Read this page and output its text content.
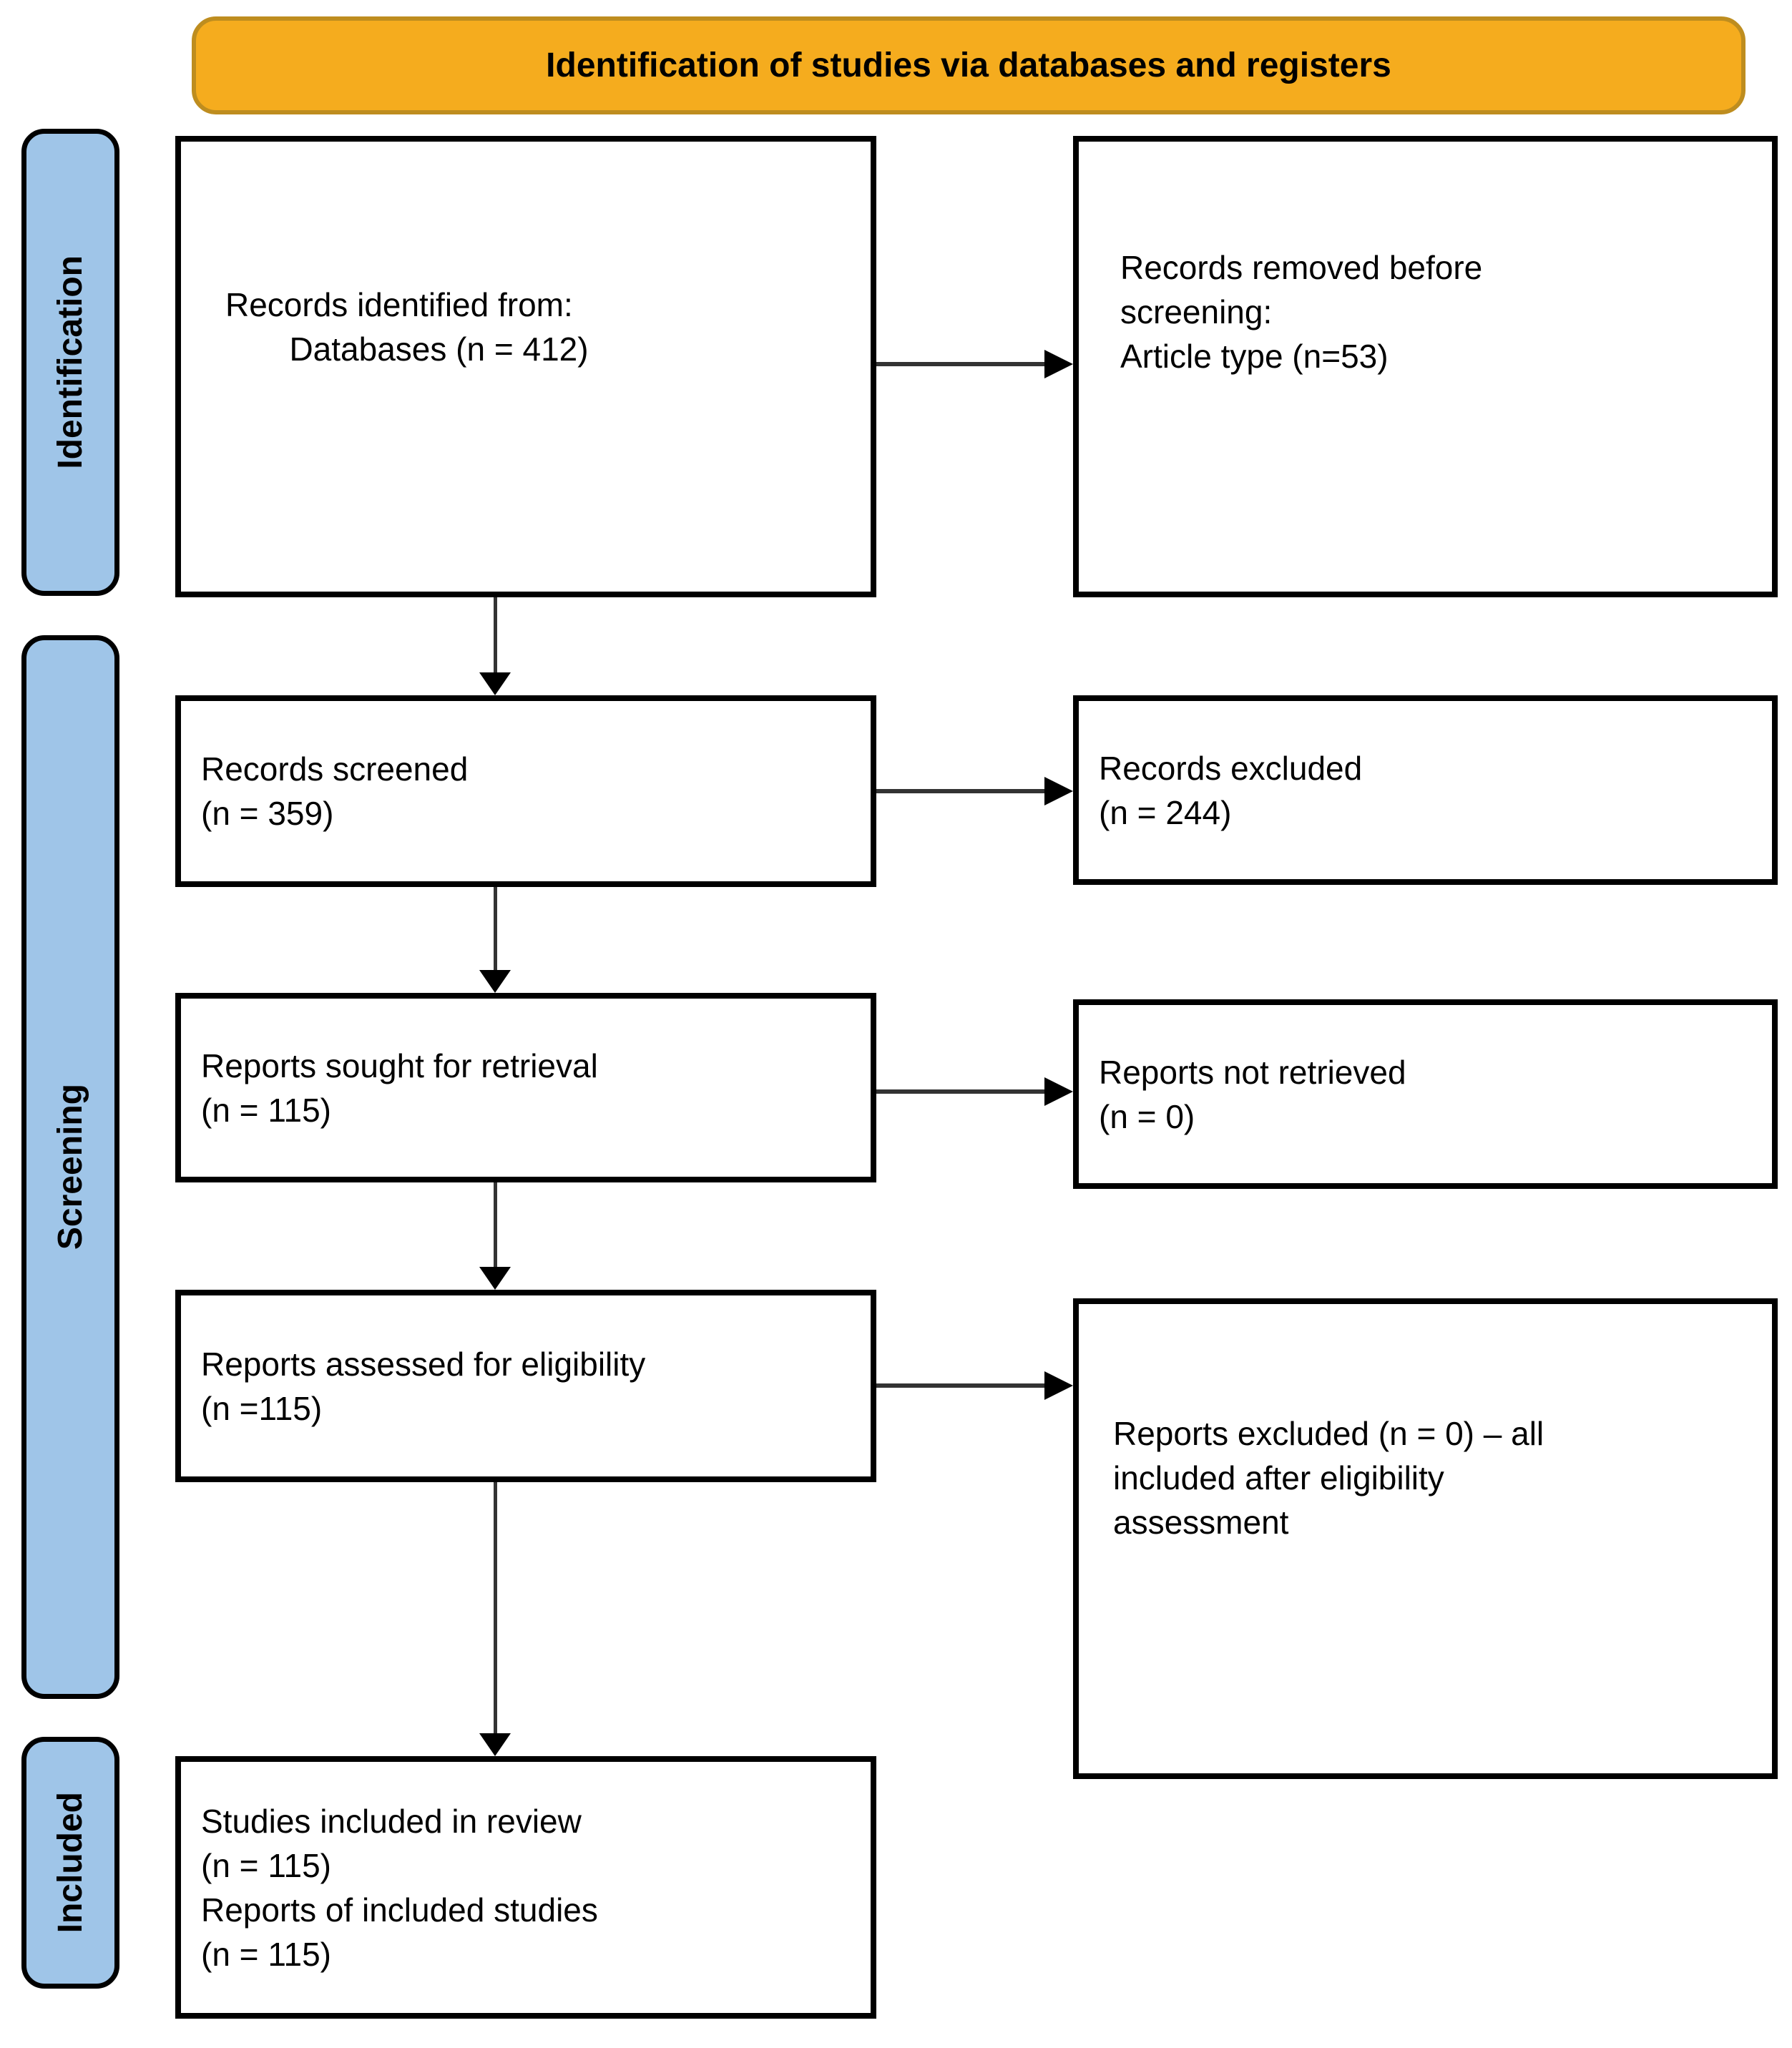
Identification of studies via databases and registers
Identification
Screening
Included
Records identified from:
Databases (n = 412)
Records removed before
screening:
Article type (n=53)
Records screened
(n = 359)
Records excluded
(n = 244)
Reports sought for retrieval
(n = 115)
Reports not retrieved
(n = 0)
Reports assessed for eligibility
(n =115)
Reports excluded (n = 0) – all
included after eligibility
assessment
Studies included in review
(n = 115)
Reports of included studies
(n = 115)
